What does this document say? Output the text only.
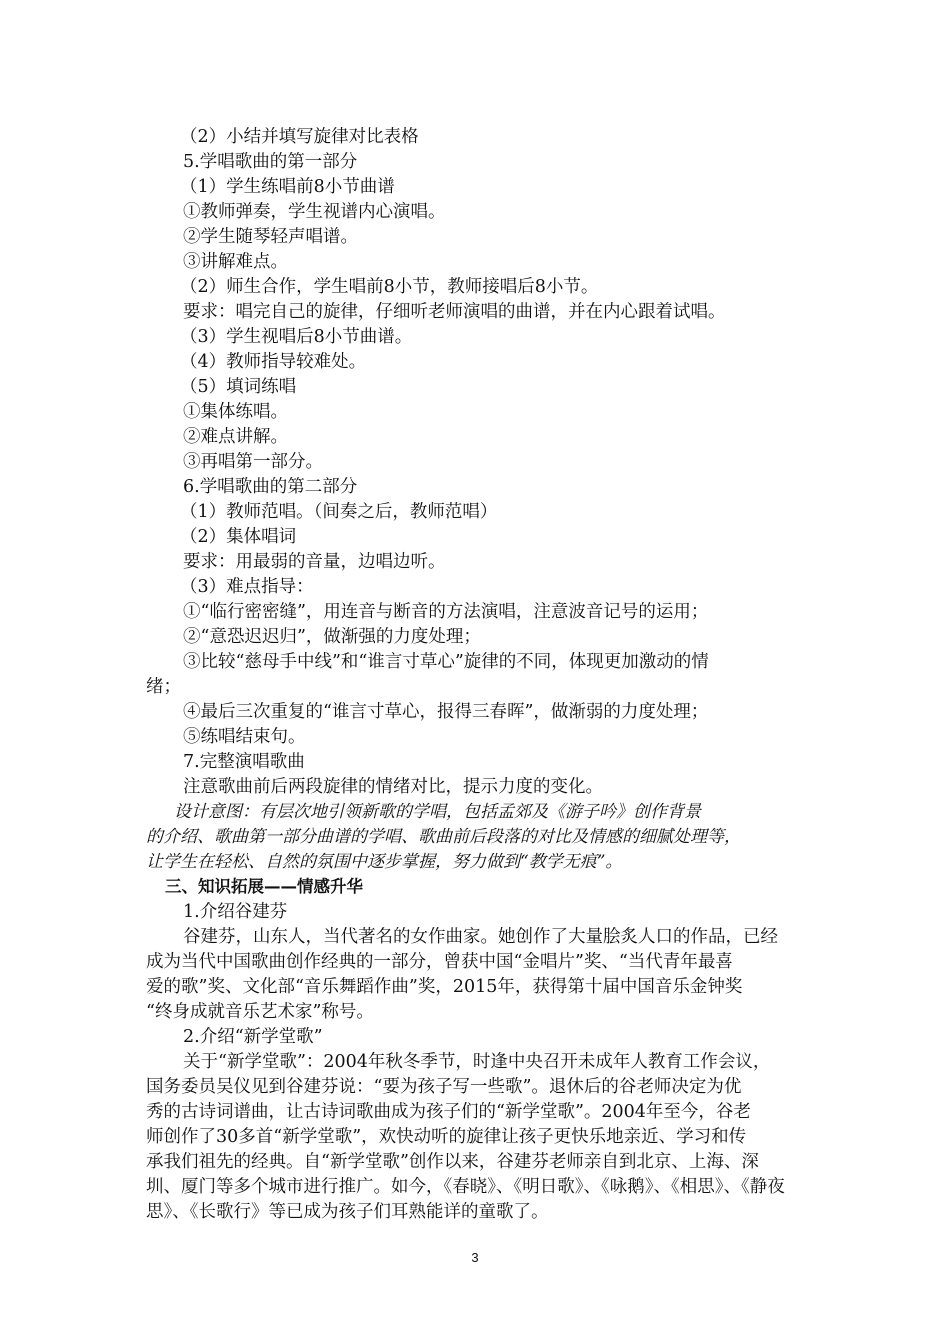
（2）小结并填写旋律对比表格

5.学唱歌曲的第一部分

（1）学生练唱前8小节曲谱

①教师弹奏，学生视谱内心演唱。

②学生随琴轻声唱谱。

③讲解难点。

（2）师生合作，学生唱前8小节，教师接唱后8小节。

要求：唱完自己的旋律，仔细听老师演唱的曲谱，并在内心跟着试唱。

（3）学生视唱后8小节曲谱。

（4）教师指导较难处。

（5）填词练唱

①集体练唱。

②难点讲解。

③再唱第一部分。

6.学唱歌曲的第二部分

（1）教师范唱。（间奏之后，教师范唱）

（2）集体唱词

要求：用最弱的音量，边唱边听。

（3）难点指导：

①“临行密密缝”，用连音与断音的方法演唱，注意波音记号的运用；

②“意恐迟迟归”，做渐强的力度处理；

③比较“慈母手中线”和“谁言寸草心”旋律的不同，体现更加激动的情

绪；

④最后三次重复的“谁言寸草心，报得三春晖”，做渐弱的力度处理；

⑤练唱结束句。

7.完整演唱歌曲

注意歌曲前后两段旋律的情绪对比，提示力度的变化。

设计意图：有层次地引领新歌的学唱，包括孟郊及《游子吟》创作背景

的介绍、歌曲第一部分曲谱的学唱、歌曲前后段落的对比及情感的细腻处理等，

让学生在轻松、自然的氛围中逐步掌握，努力做到“教学无痕”。

三、知识拓展——情感升华

1.介绍谷建芬

谷建芬，山东人，当代著名的女作曲家。她创作了大量脍炙人口的作品，已经

成为当代中国歌曲创作经典的一部分，曾获中国“金唱片”奖、“当代青年最喜

爱的歌”奖、文化部“音乐舞蹈作曲”奖，2015年，获得第十届中国音乐金钟奖

“终身成就音乐艺术家”称号。

2.介绍“新学堂歌”

关于“新学堂歌”：2004年秋冬季节，时逢中央召开未成年人教育工作会议，

国务委员吴仪见到谷建芬说：“要为孩子写一些歌”。退休后的谷老师决定为优

秀的古诗词谱曲，让古诗词歌曲成为孩子们的“新学堂歌”。2004年至今，谷老

师创作了30多首“新学堂歌”，欢快动听的旋律让孩子更快乐地亲近、学习和传

承我们祖先的经典。自“新学堂歌”创作以来，谷建芬老师亲自到北京、上海、深

圳、厦门等多个城市进行推广。如今，《春晓》、《明日歌》、《咏鹅》、《相思》、《静夜

思》、《长歌行》等已成为孩子们耳熟能详的童歌了。

3
